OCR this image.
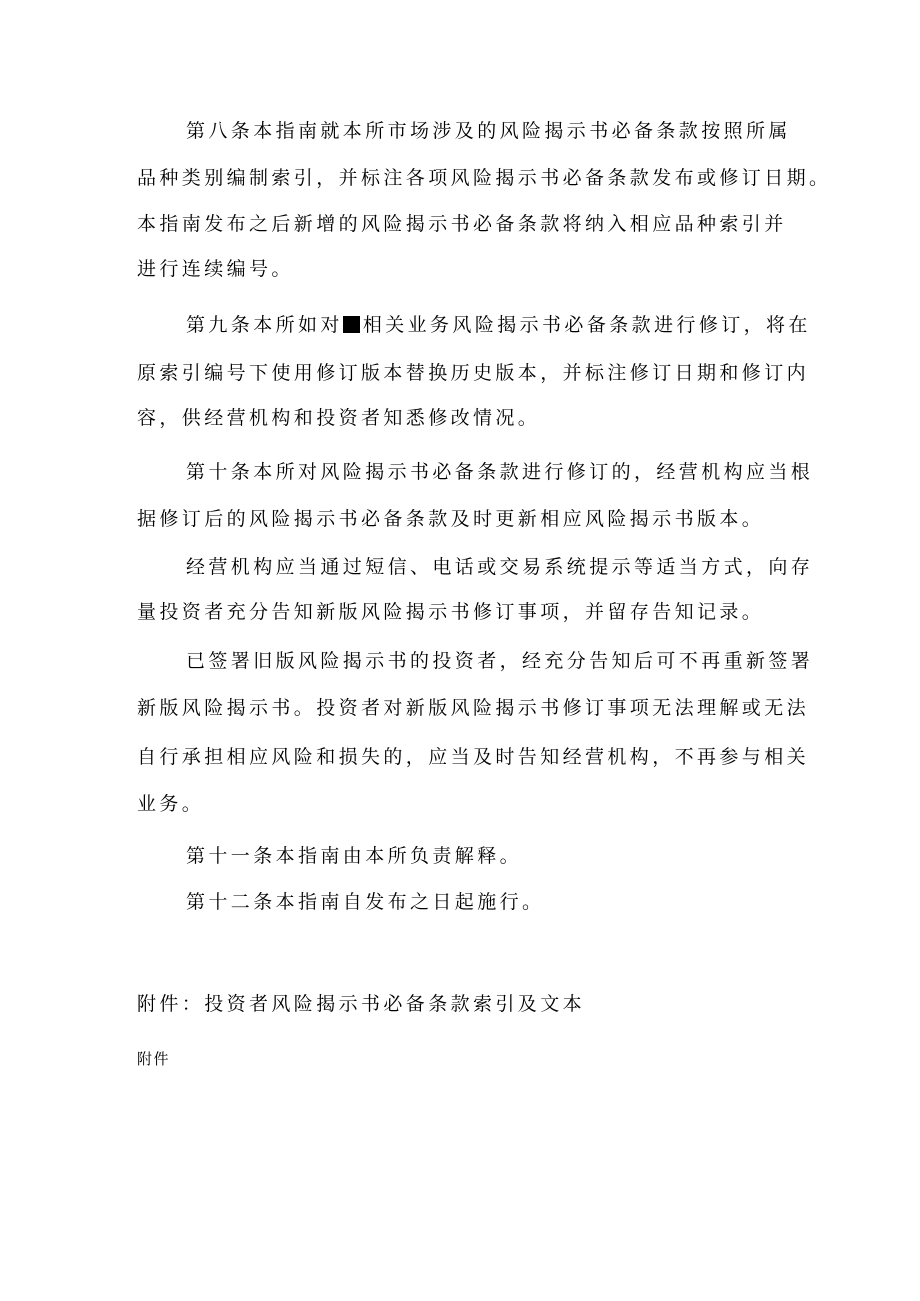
第八条本指南就本所市场涉及的风险揭示书必备条款按照所属
品种类别编制索引，并标注各项风险揭示书必备条款发布或修订日期。
本指南发布之后新增的风险揭示书必备条款将纳入相应品种索引并
进行连续编号。
第九条本所如对 相关业务风险揭示书必备条款进行修订，将在
原索引编号下使用修订版本替换历史版本，并标注修订日期和修订内
容，供经营机构和投资者知悉修改情况。
第十条本所对风险揭示书必备条款进行修订的，经营机构应当根
据修订后的风险揭示书必备条款及时更新相应风险揭示书版本。
经营机构应当通过短信、电话或交易系统提示等适当方式，向存
量投资者充分告知新版风险揭示书修订事项，并留存告知记录。
已签署旧版风险揭示书的投资者，经充分告知后可不再重新签署
新版风险揭示书。投资者对新版风险揭示书修订事项无法理解或无法
自行承担相应风险和损失的，应当及时告知经营机构，不再参与相关
业务。
第十一条本指南由本所负责解释。
第十二条本指南自发布之日起施行。
附件：投资者风险揭示书必备条款索引及文本
附件
